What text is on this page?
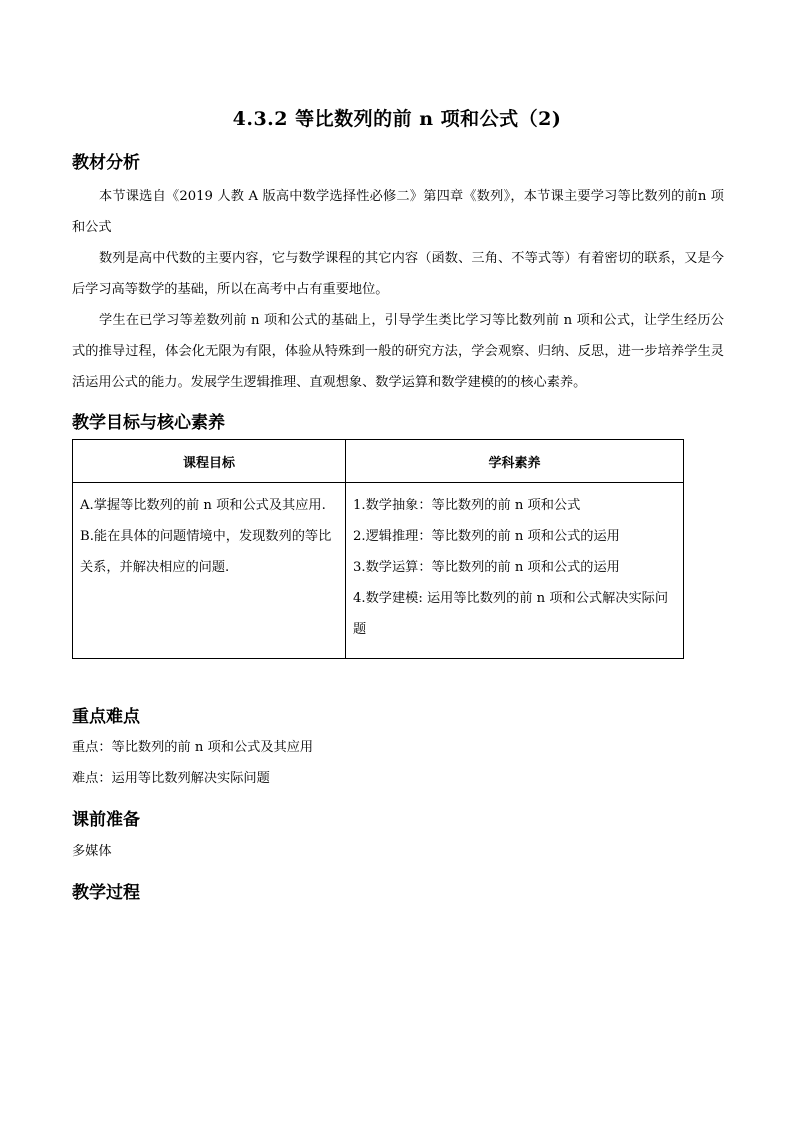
4.3.2 等比数列的前 n 项和公式（2)
教材分析
本节课选自《2019 人教 A 版高中数学选择性必修二》第四章《数列》，本节课主要学习等比数列的前n 项和公式
数列是高中代数的主要内容，它与数学课程的其它内容（函数、三角、不等式等）有着密切的联系，又是今后学习高等数学的基础，所以在高考中占有重要地位。
学生在已学习等差数列前 n 项和公式的基础上，引导学生类比学习等比数列前 n 项和公式，让学生经历公式的推导过程，体会化无限为有限，体验从特殊到一般的研究方法，学会观察、归纳、反思，进一步培养学生灵活运用公式的能力。发展学生逻辑推理、直观想象、数学运算和数学建模的的核心素养。
教学目标与核心素养
课程目标	学科素养

A.掌握等比数列的前 n 项和公式及其应用.
B.能在具体的问题情境中，发现数列的等比关系，并解决相应的问题.	1.数学抽象：等比数列的前 n 项和公式
2.逻辑推理：等比数列的前 n 项和公式的运用
3.数学运算：等比数列的前 n 项和公式的运用
4.数学建模: 运用等比数列的前 n 项和公式解决实际问题
重点难点
重点：等比数列的前 n 项和公式及其应用
难点：运用等比数列解决实际问题
课前准备
多媒体
教学过程
